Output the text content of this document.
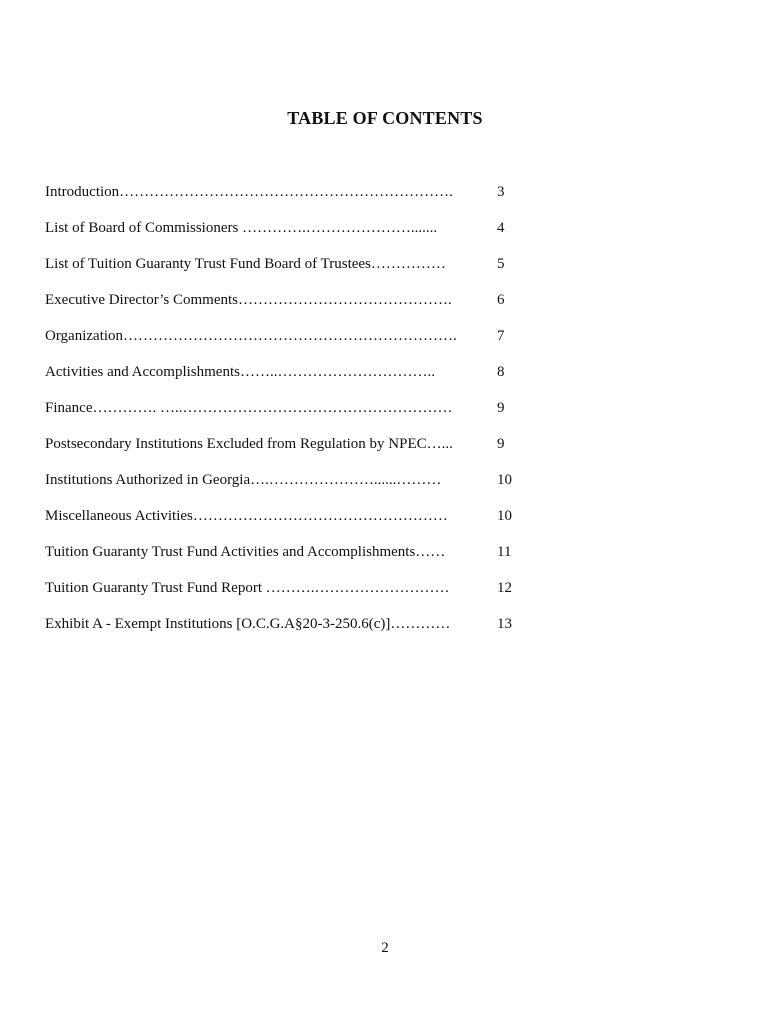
TABLE OF CONTENTS
Introduction………………………………………………………….	3
List of Board of Commissioners ………….………………….......	4
List of Tuition Guaranty Trust Fund Board of Trustees……………	5
Executive Director’s Comments…………………………………….	6
Organization………………………………………………………….	7
Activities and Accomplishments……..…………………………..	8
Finance…………. …..………………………………………………	9
Postsecondary Institutions Excluded from Regulation by NPEC…...	9
Institutions Authorized in Georgia….…………………......………	10
Miscellaneous Activities……………………………………………	10
Tuition Guaranty Trust Fund Activities and Accomplishments……	11
Tuition Guaranty Trust Fund Report ……….………………………	12
Exhibit A - Exempt Institutions [O.C.G.A§20-3-250.6(c)]…………	13
2
